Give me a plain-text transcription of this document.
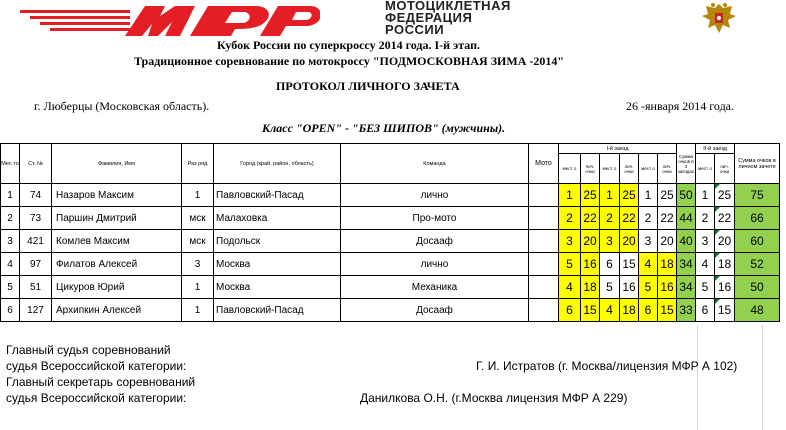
МОТОЦИКЛЕТНАЯ
ФЕДЕРАЦИЯ
РОССИИ
Кубок России по суперкроссу 2014 года. I-й этап.
Традиционное соревнование по мотокроссу "ПОДМОСКОВНАЯ ЗИМА -2014"
ПРОТОКОЛ ЛИЧНОГО ЗАЧЕТА
г. Люберцы (Московская область).	26 -января 2014 года.
Класс "OPEN" - "БЕЗ ШИПОВ" (мужчины).
Мес то	Ст. №	Фамилия, Имя	Раз ряд	Город (край, район, область)	Команда	Мото	I-й заезд						Сумма очков в 3 заездах	II-й заезд		Сумма очков в личном зачете
							мест о	лич. очки	мест о	лич. очки	мест о	лич. очки		мест о	лич. очки	
1	74	Назаров Максим	1	Павловский-Пасад	лично		1	25	1	25	1	25	50	1	25	75
2	73	Паршин Дмитрий	мск	Малаховка	Про-мото		2	22	2	22	2	22	44	2	22	66
3	421	Комлев Максим	мск	Подольск	Досааф		3	20	3	20	3	20	40	3	20	60
4	97	Филатов Алексей	3	Москва	лично		5	16	6	15	4	18	34	4	18	52
5	51	Цикуров Юрий	1	Москва	Механика		4	18	5	16	5	16	34	5	16	50
6	127	Архипкин Алексей	1	Павловский-Пасад	Досааф		6	15	4	18	6	15	33	6	15	48
Главный судья соревнований
судья Всероссийской категории:	Г. И. Истратов (г. Москва/лицензия МФР А 102)
Главный секретарь соревнований
судья Всероссийской категории:	Данилкова О.Н. (г.Москва лицензия МФР А 229)
